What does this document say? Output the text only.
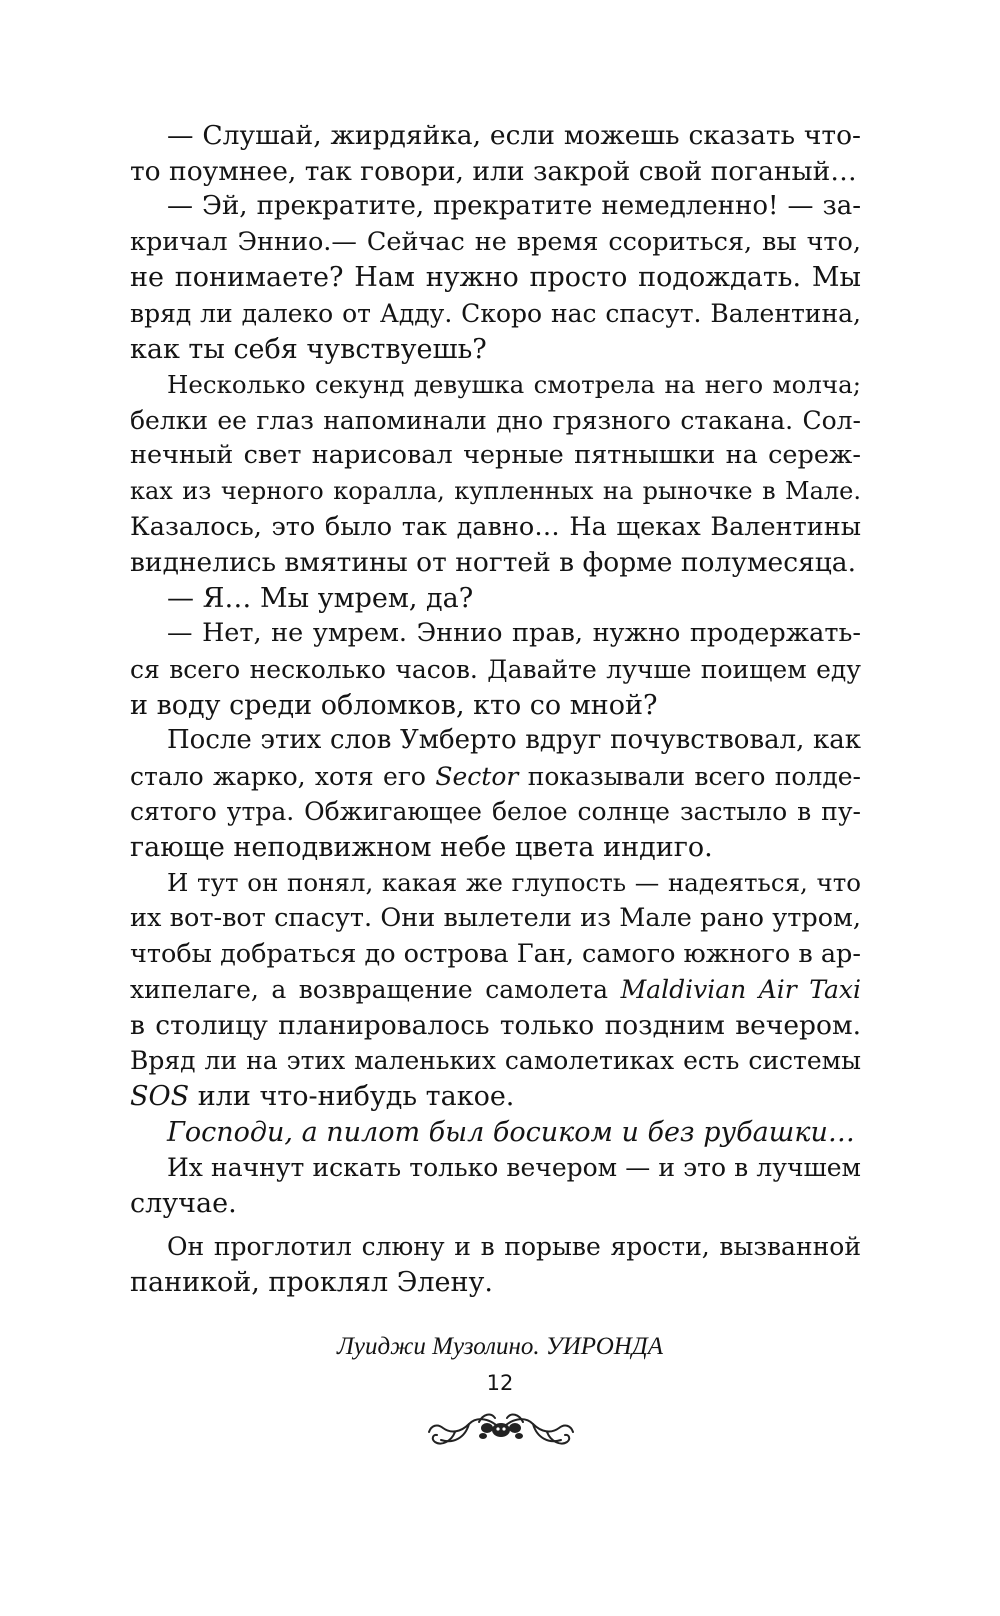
— Слушай, жирдяйка, если можешь сказать что-
то поумнее, так говори, или закрой свой поганый…
— Эй, прекратите, прекратите немедленно! — за-
кричал Эннио.— Сейчас не время ссориться, вы что,
не понимаете? Нам нужно просто подождать. Мы
вряд ли далеко от Адду. Скоро нас спасут. Валентина,
как ты себя чувствуешь?
Несколько секунд девушка смотрела на него молча;
белки ее глаз напоминали дно грязного стакана. Сол-
нечный свет нарисовал черные пятнышки на сереж-
ках из черного коралла, купленных на рыночке в Мале.
Казалось, это было так давно… На щеках Валентины
виднелись вмятины от ногтей в форме полумесяца.
— Я… Мы умрем, да?
— Нет, не умрем. Эннио прав, нужно продержать-
ся всего несколько часов. Давайте лучше поищем еду
и воду среди обломков, кто со мной?
После этих слов Умберто вдруг почувствовал, как
стало жарко, хотя его Sector показывали всего полде-
сятого утра. Обжигающее белое солнце застыло в пу-
гающе неподвижном небе цвета индиго.
И тут он понял, какая же глупость — надеяться, что
их вот-вот спасут. Они вылетели из Мале рано утром,
чтобы добраться до острова Ган, самого южного в ар-
хипелаге, а возвращение самолета Maldivian Air Taxi
в столицу планировалось только поздним вечером.
Вряд ли на этих маленьких самолетиках есть системы
SOS или что-нибудь такое.
Господи, а пилот был босиком и без рубашки…
Их начнут искать только вечером — и это в лучшем
случае.
Он проглотил слюну и в порыве ярости, вызванной
паникой, проклял Элену.
Луиджи Музолино. УИРОНДА
12
